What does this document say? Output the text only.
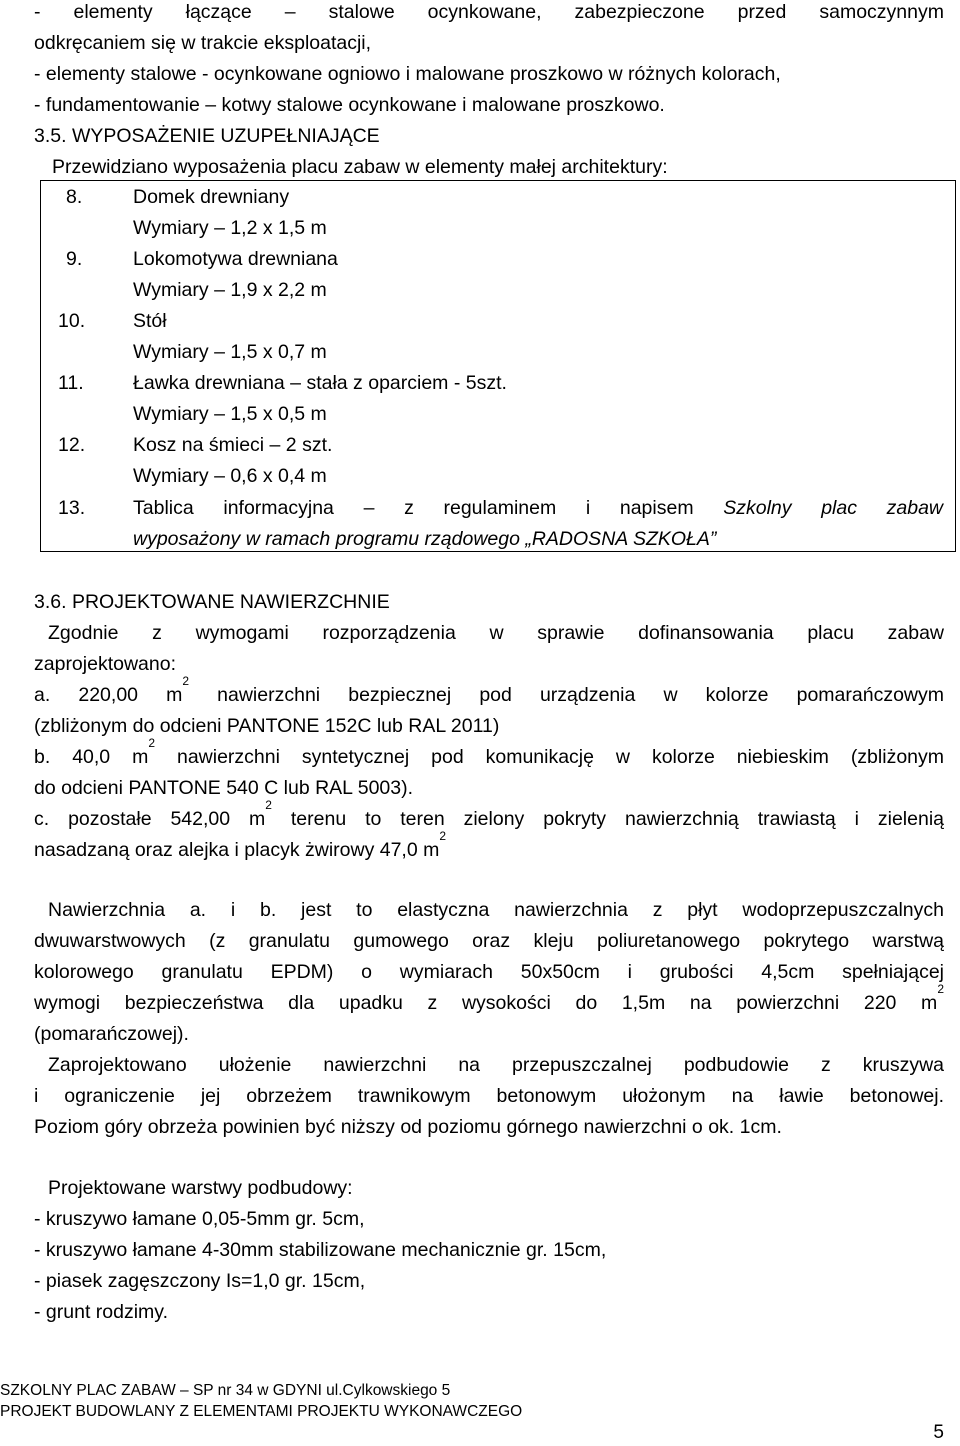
- elementy łączące – stalowe ocynkowane, zabezpieczone przed samoczynnym
odkręcaniem się w trakcie eksploatacji,
- elementy stalowe - ocynkowane ogniowo i malowane proszkowo w różnych kolorach,
- fundamentowanie – kotwy stalowe ocynkowane i malowane proszkowo.
3.5. WYPOSAŻENIE UZUPEŁNIAJĄCE
Przewidziano wyposażenia placu zabaw w elementy małej architektury:
8.	Domek drewniany
Wymiary – 1,2 x 1,5 m
9.	Lokomotywa drewniana
Wymiary – 1,9 x 2,2 m
10.	Stół
Wymiary – 1,5 x 0,7 m
11.	Ławka drewniana – stała z oparciem - 5szt.
Wymiary – 1,5 x 0,5 m
12.	Kosz na śmieci – 2 szt.
Wymiary – 0,6 x 0,4 m
13.	Tablica informacyjna – z regulaminem i napisem Szkolny plac zabaw
wyposażony w ramach programu rządowego „RADOSNA SZKOŁA”
3.6. PROJEKTOWANE NAWIERZCHNIE
Zgodnie z wymogami rozporządzenia w sprawie dofinansowania placu zabaw
zaprojektowano:
a. 220,00 $m^2$ nawierzchni bezpiecznej pod urządzenia w kolorze pomarańczowym
(zbliżonym do odcieni PANTONE 152C lub RAL 2011)
b. 40,0 $m^2$ nawierzchni syntetycznej pod komunikację w kolorze niebieskim (zbliżonym
do odcieni PANTONE 540 C lub RAL 5003).
c. pozostałe 542,00 $m^2$ terenu to teren zielony pokryty nawierzchnią trawiastą i zielenią
nasadzaną oraz alejka i placyk żwirowy 47,0 $m^2$
Nawierzchnia a. i b. jest to elastyczna nawierzchnia z płyt wodoprzepuszczalnych
dwuwarstwowych (z granulatu gumowego oraz kleju poliuretanowego pokrytego warstwą
kolorowego granulatu EPDM) o wymiarach 50x50cm i grubości 4,5cm spełniającej
wymogi bezpieczeństwa dla upadku z wysokości do 1,5m na powierzchni 220 $m^2$
(pomarańczowej).
Zaprojektowano ułożenie nawierzchni na przepuszczalnej podbudowie z kruszywa
i ograniczenie jej obrzeżem trawnikowym betonowym ułożonym na ławie betonowej.
Poziom góry obrzeża powinien być niższy od poziomu górnego nawierzchni o ok. 1cm.
Projektowane warstwy podbudowy:
- kruszywo łamane 0,05-5mm gr. 5cm,
- kruszywo łamane 4-30mm stabilizowane mechanicznie gr. 15cm,
- piasek zagęszczony Is=1,0 gr. 15cm,
- grunt rodzimy.
SZKOLNY PLAC ZABAW – SP nr 34 w GDYNI ul.Cylkowskiego 5
PROJEKT BUDOWLANY Z ELEMENTAMI PROJEKTU WYKONAWCZEGO
5
